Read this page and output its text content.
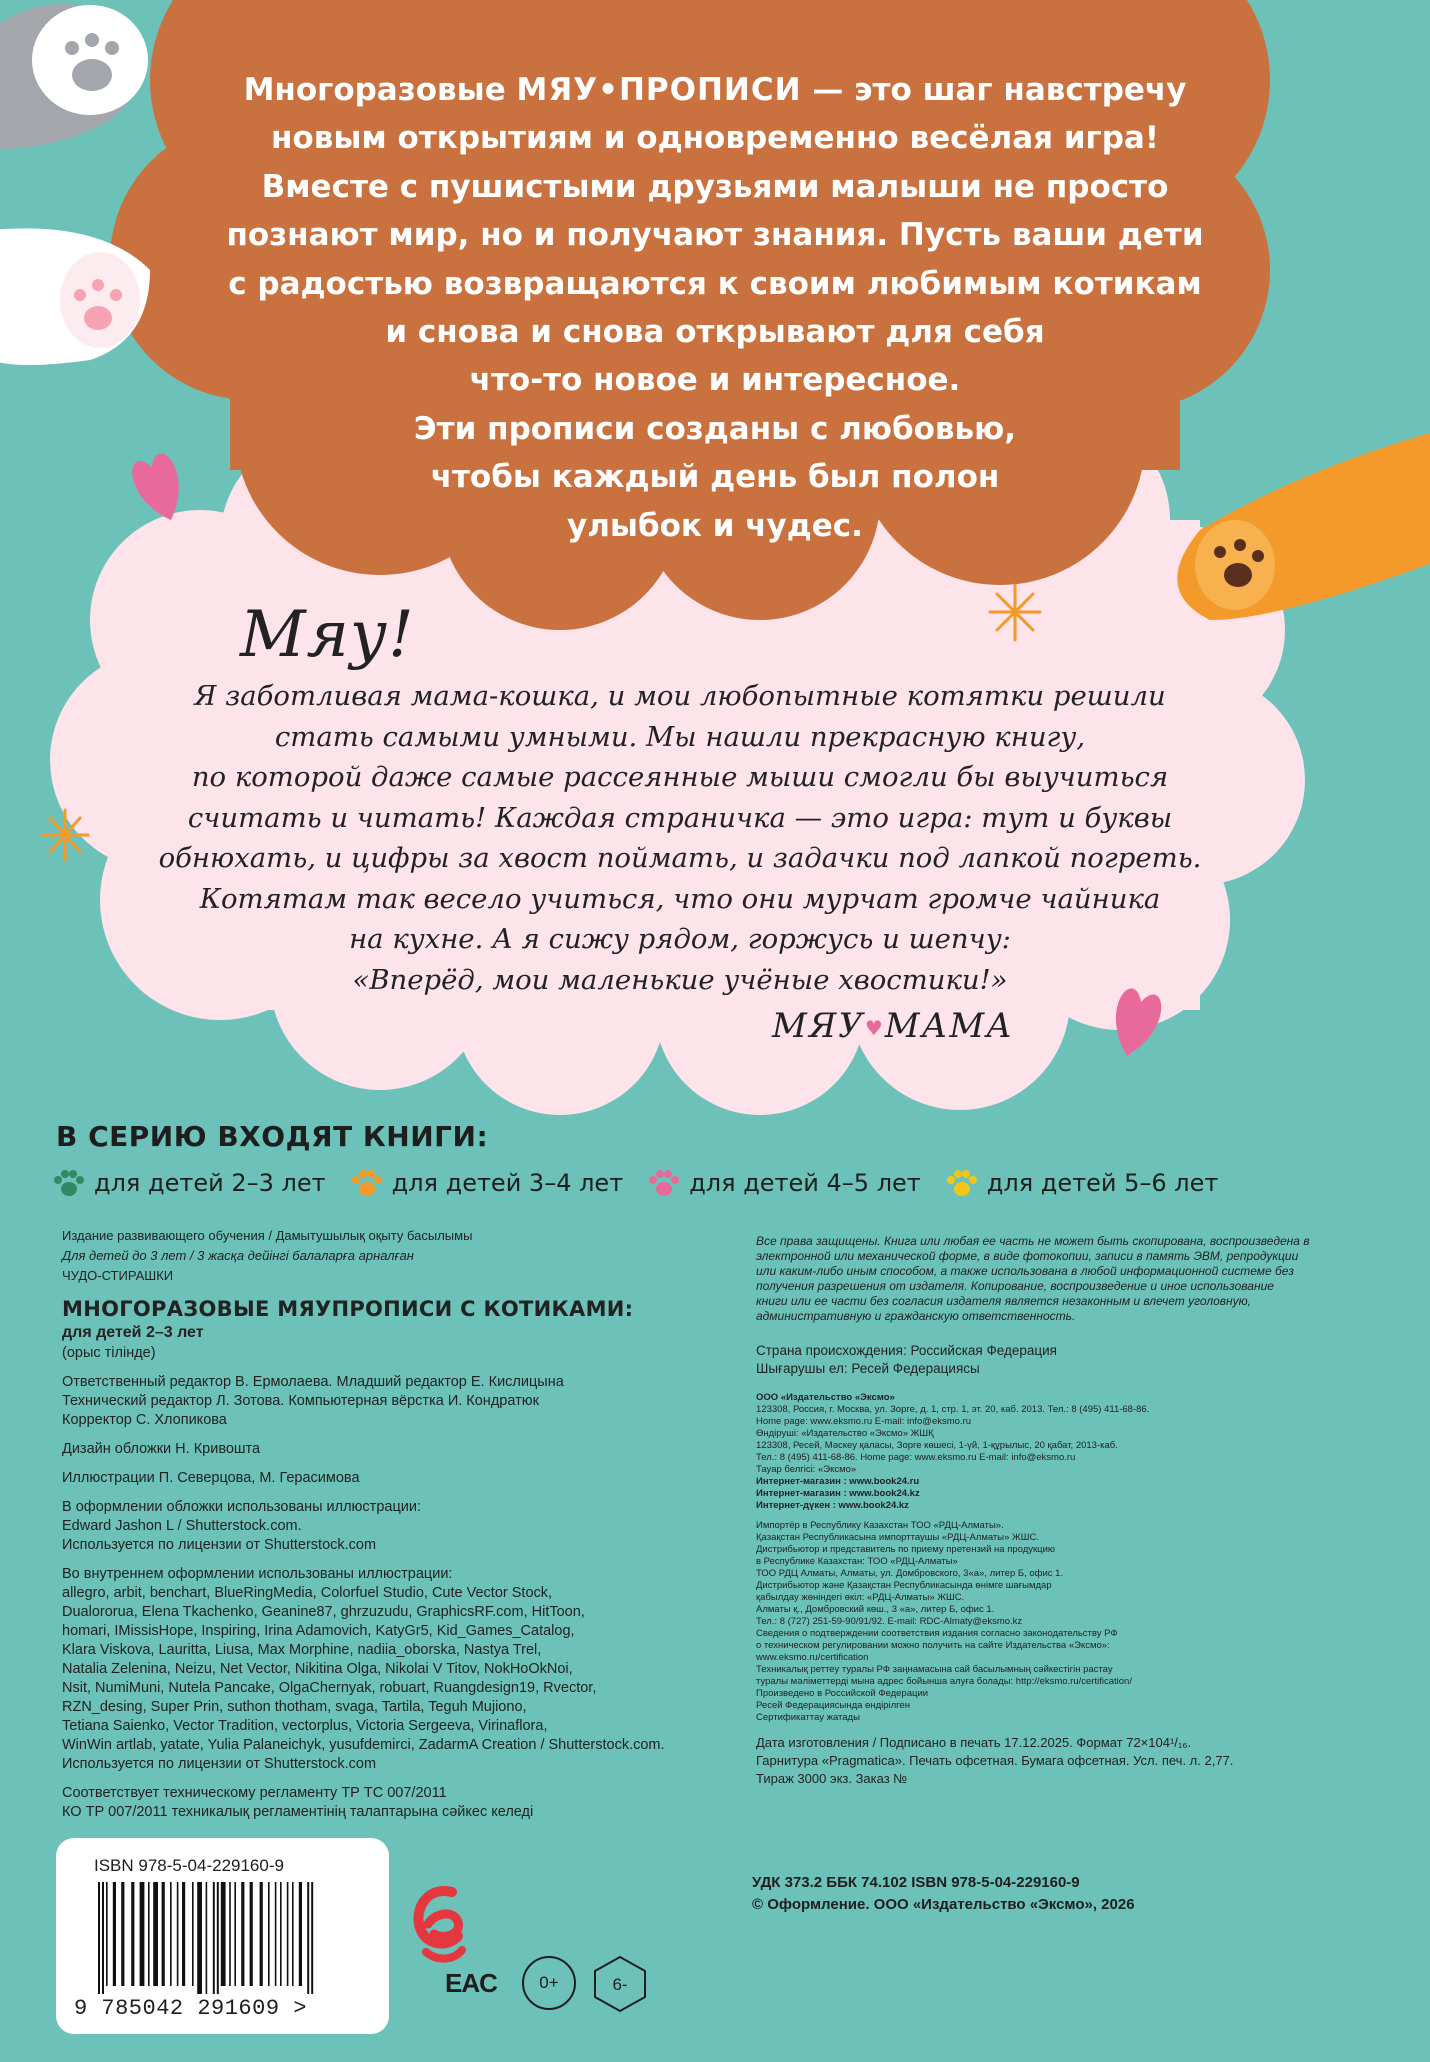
Многоразовые МЯУ•ПРОПИСИ — это шаг навстречу
новым открытиям и одновременно весёлая игра!
Вместе с пушистыми друзьями малыши не просто
познают мир, но и получают знания. Пусть ваши дети
с радостью возвращаются к своим любимым котикам
и снова и снова открывают для себя
что-то новое и интересное.
Эти прописи созданы с любовью,
чтобы каждый день был полон
улыбок и чудес.
Мяу!
Я заботливая мама-кошка, и мои любопытные котятки решили
стать самыми умными. Мы нашли прекрасную книгу,
по которой даже самые рассеянные мыши смогли бы выучиться
считать и читать! Каждая страничка — это игра: тут и буквы
обнюхать, и цифры за хвост поймать, и задачки под лапкой погреть.
Котятам так весело учиться, что они мурчат громче чайника
на кухне. А я сижу рядом, горжусь и шепчу:
«Вперёд, мои маленькие учёные хвостики!»
МЯУ♥МАМА
В СЕРИЮ ВХОДЯТ КНИГИ:
для детей 2–3 лет	для детей 3–4 лет	для детей 4–5 лет	для детей 5–6 лет
Издание развивающего обучения / Дамытушылық оқыту басылымы
Для детей до 3 лет / 3 жасқа дейінгі балаларға арналған
ЧУДО-СТИРАШКИ
МНОГОРАЗОВЫЕ МЯУПРОПИСИ С КОТИКАМИ:
для детей 2–3 лет
(орыс тілінде)
Ответственный редактор В. Ермолаева. Младший редактор Е. Кислицына
Технический редактор Л. Зотова. Компьютерная вёрстка И. Кондратюк
Корректор С. Хлопикова
Дизайн обложки Н. Кривошта
Иллюстрации П. Северцова, М. Герасимова
В оформлении обложки использованы иллюстрации:
Edward Jashon L / Shutterstock.com.
Используется по лицензии от Shutterstock.com
Во внутреннем оформлении использованы иллюстрации:
allegro, arbit, benchart, BlueRingMedia, Colorfuel Studio, Cute Vector Stock,
Dualororua, Elena Tkachenko, Geanine87, ghrzuzudu, GraphicsRF.com, HitToon,
homari, IMissisHope, Inspiring, Irina Adamovich, KatyGr5, Kid_Games_Catalog,
Klara Viskova, Lauritta, Liusa, Max Morphine, nadiia_oborska, Nastya Trel,
Natalia Zelenina, Neizu, Net Vector, Nikitina Olga, Nikolai V Titov, NokHoOkNoi,
Nsit, NumiMuni, Nutela Pancake, OlgaChernyak, robuart, Ruangdesign19, Rvector,
RZN_desing, Super Prin, suthon thotham, svaga, Tartila, Teguh Mujiono,
Tetiana Saienko, Vector Tradition, vectorplus, Victoria Sergeeva, Virinaflora,
WinWin artlab, yatate, Yulia Palaneichyk, yusufdemirci, ZadarmA Creation / Shutterstock.com.
Используется по лицензии от Shutterstock.com
Соответствует техническому регламенту ТР ТС 007/2011
КО ТР 007/2011 техникалық регламентінің талаптарына сәйкес келеді
Все права защищены. Книга или любая ее часть не может быть скопирована, воспроизведена в
электронной или механической форме, в виде фотокопии, записи в память ЭВМ, репродукции
или каким-либо иным способом, а также использована в любой информационной системе без
получения разрешения от издателя. Копирование, воспроизведение и иное использование
книги или ее части без согласия издателя является незаконным и влечет уголовную,
административную и гражданскую ответственность.
Страна происхождения: Российская Федерация
Шығарушы ел: Ресей Федерациясы
ООО «Издательство «Эксмо»
123308, Россия, г. Москва, ул. Зорге, д. 1, стр. 1, эт. 20, каб. 2013. Тел.: 8 (495) 411-68-86.
Home page: www.eksmo.ru E-mail: info@eksmo.ru
Өндіруші: «Издательство «Эксмо» ЖШҚ
123308, Ресей, Мәскеу қаласы, Зорге көшесі, 1-үй, 1-құрылыс, 20 қабат, 2013-каб.
Тел.: 8 (495) 411-68-86. Home page: www.eksmo.ru E-mail: info@eksmo.ru
Тауар белгісі: «Эксмо»
Интернет-магазин : www.book24.ru
Интернет-магазин : www.book24.kz
Интернет-дүкен : www.book24.kz
Импортёр в Республику Казахстан ТОО «РДЦ-Алматы».
Қазақстан Республикасына импорттаушы «РДЦ-Алматы» ЖШС.
Дистрибьютор и представитель по приему претензий на продукцию
в Республике Казахстан: ТОО «РДЦ-Алматы»
ТОО РДЦ Алматы, Алматы, ул. Домбровского, 3«а», литер Б, офис 1.
Дистрибьютор және Қазақстан Республикасында өнімге шағымдар
қабылдау жөніндегі өкіл: «РДЦ-Алматы» ЖШС.
Алматы қ., Домбровский көш., 3 «а», литер Б, офис 1.
Тел.: 8 (727) 251-59-90/91/92. E-mail: RDC-Almaty@eksmo.kz
Сведения о подтверждении соответствия издания согласно законодательству РФ
о техническом регулировании можно получить на сайте Издательства «Эксмо»:
www.eksmo.ru/certification
Техникалық реттеу туралы РФ заңнамасына сай басылымның сәйкестігін растау
туралы мәліметтерді мына адрес бойынша алуға болады: http://eksmo.ru/certification/
Произведено в Российской Федерации
Ресей Федерациясында өндірілген
Сертификаттау жатады
Дата изготовления / Подписано в печать 17.12.2025. Формат 72×104¹/₁₆.
Гарнитура «Pragmatica». Печать офсетная. Бумага офсетная. Усл. печ. л. 2,77.
Тираж 3000 экз. Заказ №
УДК 373.2 ББК 74.102 ISBN 978-5-04-229160-9
© Оформление. ООО «Издательство «Эксмо», 2026
ISBN 978-5-04-229160-9
9 785042 291609 >
EAC	0+	6-
